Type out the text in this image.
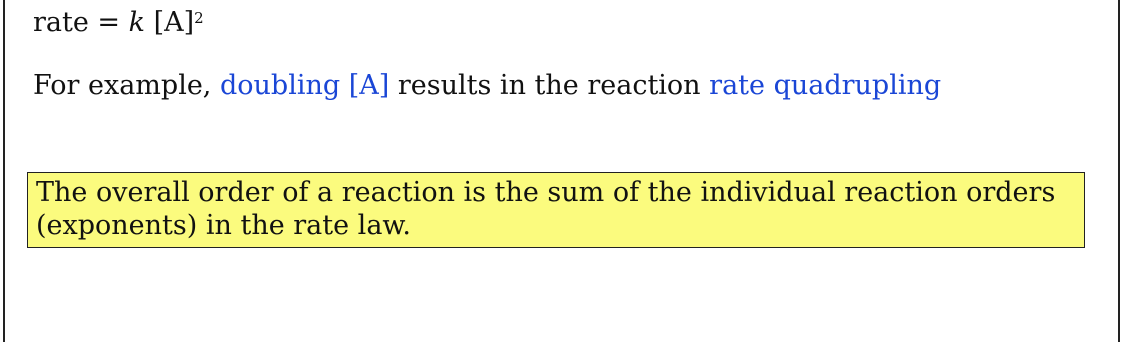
rate = k $[A]^2$
For example, doubling [A] results in the reaction rate quadrupling
The overall order of a reaction is the sum of the individual reaction orders (exponents) in the rate law.
